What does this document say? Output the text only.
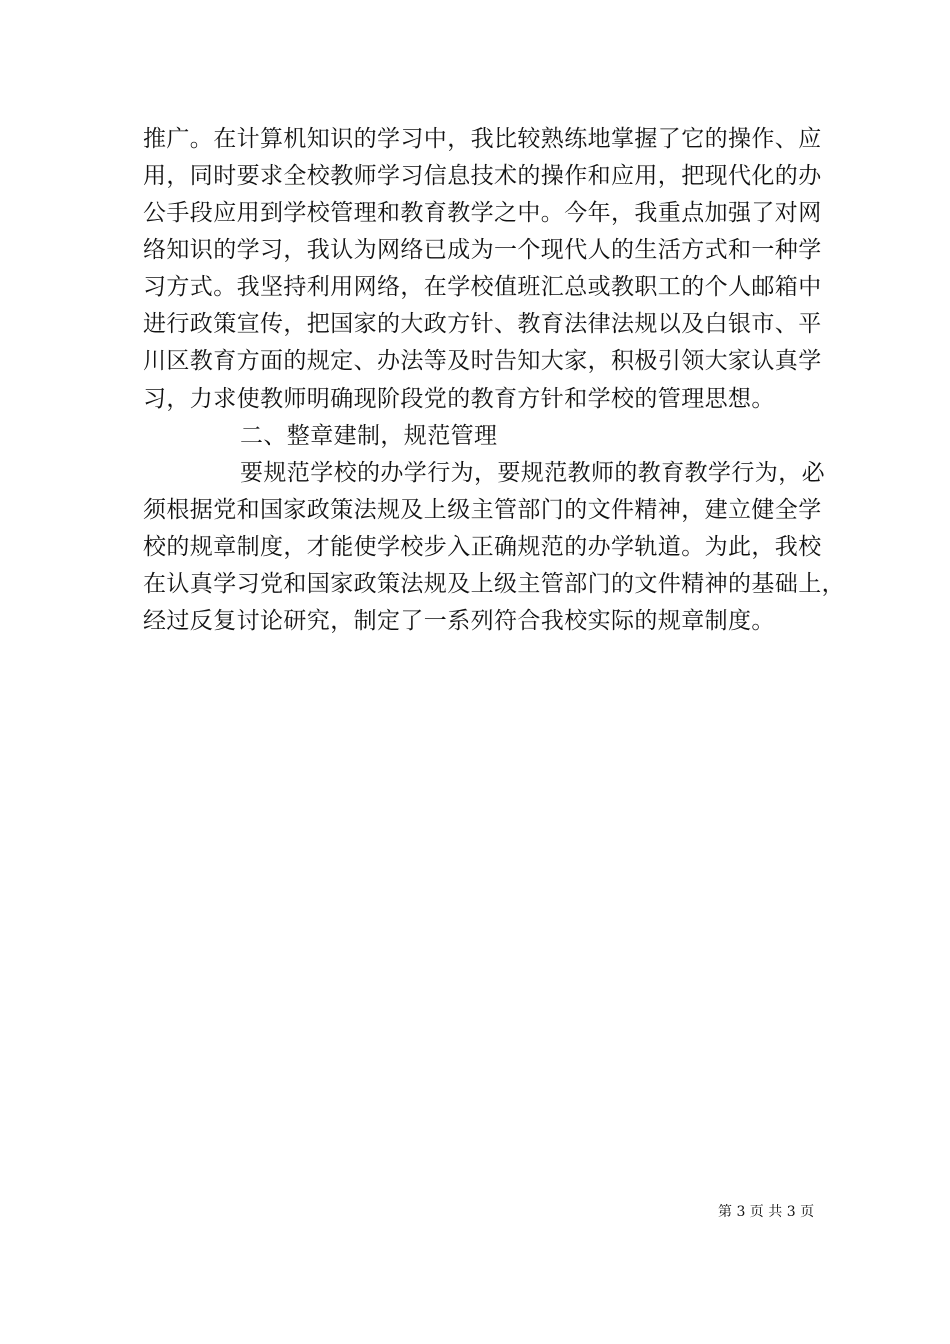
推广。在计算机知识的学习中，我比较熟练地掌握了它的操作、应
用，同时要求全校教师学习信息技术的操作和应用，把现代化的办
公手段应用到学校管理和教育教学之中。今年，我重点加强了对网
络知识的学习，我认为网络已成为一个现代人的生活方式和一种学
习方式。我坚持利用网络，在学校值班汇总或教职工的个人邮箱中
进行政策宣传，把国家的大政方针、教育法律法规以及白银市、平
川区教育方面的规定、办法等及时告知大家，积极引领大家认真学
习，力求使教师明确现阶段党的教育方针和学校的管理思想。
二、整章建制，规范管理
要规范学校的办学行为，要规范教师的教育教学行为，必
须根据党和国家政策法规及上级主管部门的文件精神，建立健全学
校的规章制度，才能使学校步入正确规范的办学轨道。为此，我校
在认真学习党和国家政策法规及上级主管部门的文件精神的基础上，
经过反复讨论研究，制定了一系列符合我校实际的规章制度。
第 3 页 共 3 页
